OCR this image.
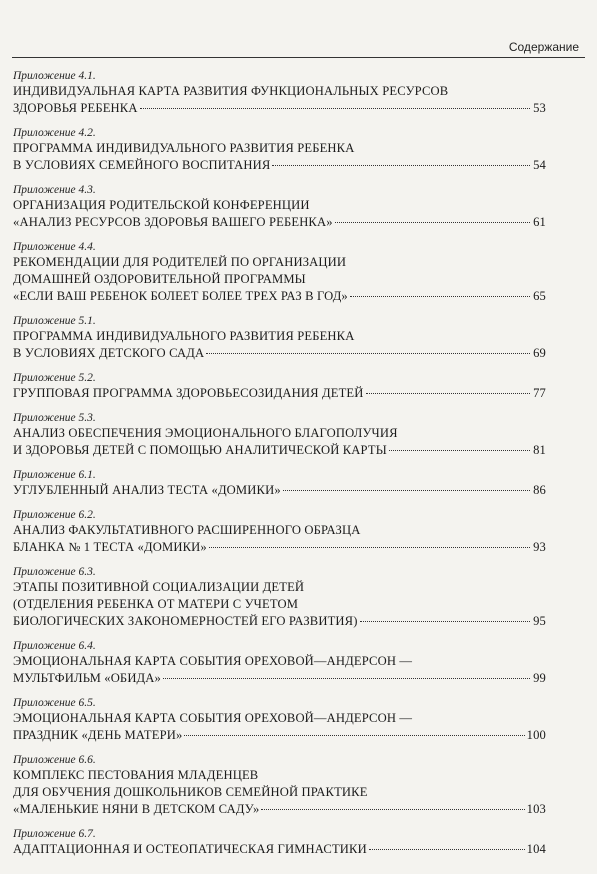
Содержание
Приложение 4.1.
ИНДИВИДУАЛЬНАЯ КАРТА РАЗВИТИЯ ФУНКЦИОНАЛЬНЫХ РЕСУРСОВ
ЗДОРОВЬЯ РЕБЕНКА	53
Приложение 4.2.
ПРОГРАММА ИНДИВИДУАЛЬНОГО РАЗВИТИЯ РЕБЕНКА
В УСЛОВИЯХ СЕМЕЙНОГО ВОСПИТАНИЯ	54
Приложение 4.3.
ОРГАНИЗАЦИЯ РОДИТЕЛЬСКОЙ КОНФЕРЕНЦИИ
«АНАЛИЗ РЕСУРСОВ ЗДОРОВЬЯ ВАШЕГО РЕБЕНКА»	61
Приложение 4.4.
РЕКОМЕНДАЦИИ ДЛЯ РОДИТЕЛЕЙ ПО ОРГАНИЗАЦИИ
ДОМАШНЕЙ ОЗДОРОВИТЕЛЬНОЙ ПРОГРАММЫ
«ЕСЛИ ВАШ РЕБЕНОК БОЛЕЕТ БОЛЕЕ ТРЕХ РАЗ В ГОД»	65
Приложение 5.1.
ПРОГРАММА ИНДИВИДУАЛЬНОГО РАЗВИТИЯ РЕБЕНКА
В УСЛОВИЯХ ДЕТСКОГО САДА	69
Приложение 5.2.
ГРУППОВАЯ ПРОГРАММА ЗДОРОВЬЕСОЗИДАНИЯ ДЕТЕЙ	77
Приложение 5.3.
АНАЛИЗ ОБЕСПЕЧЕНИЯ ЭМОЦИОНАЛЬНОГО БЛАГОПОЛУЧИЯ
И ЗДОРОВЬЯ ДЕТЕЙ С ПОМОЩЬЮ АНАЛИТИЧЕСКОЙ КАРТЫ	81
Приложение 6.1.
УГЛУБЛЕННЫЙ АНАЛИЗ ТЕСТА «ДОМИКИ»	86
Приложение 6.2.
АНАЛИЗ ФАКУЛЬТАТИВНОГО РАСШИРЕННОГО ОБРАЗЦА
БЛАНКА № 1 ТЕСТА «ДОМИКИ»	93
Приложение 6.3.
ЭТАПЫ ПОЗИТИВНОЙ СОЦИАЛИЗАЦИИ ДЕТЕЙ
(ОТДЕЛЕНИЯ РЕБЕНКА ОТ МАТЕРИ С УЧЕТОМ
БИОЛОГИЧЕСКИХ ЗАКОНОМЕРНОСТЕЙ ЕГО РАЗВИТИЯ)	95
Приложение 6.4.
ЭМОЦИОНАЛЬНАЯ КАРТА СОБЫТИЯ ОРЕХОВОЙ—АНДЕРСОН —
МУЛЬТФИЛЬМ «ОБИДА»	99
Приложение 6.5.
ЭМОЦИОНАЛЬНАЯ КАРТА СОБЫТИЯ ОРЕХОВОЙ—АНДЕРСОН —
ПРАЗДНИК «ДЕНЬ МАТЕРИ»	100
Приложение 6.6.
КОМПЛЕКС ПЕСТОВАНИЯ МЛАДЕНЦЕВ
ДЛЯ ОБУЧЕНИЯ ДОШКОЛЬНИКОВ СЕМЕЙНОЙ ПРАКТИКЕ
«МАЛЕНЬКИЕ НЯНИ В ДЕТСКОМ САДУ»	103
Приложение 6.7.
АДАПТАЦИОННАЯ И ОСТЕОПАТИЧЕСКАЯ ГИМНАСТИКИ	104
